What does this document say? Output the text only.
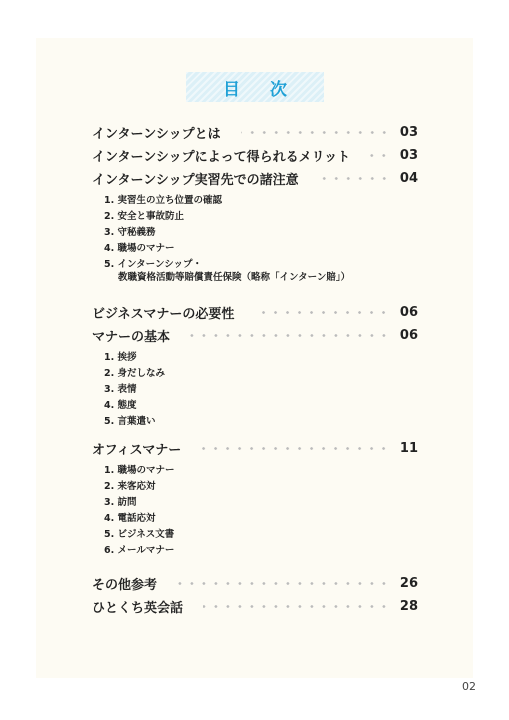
目 次
インターンシップとは	03
インターンシップによって得られるメリット	03
インターンシップ実習先での諸注意	04
1. 実習生の立ち位置の確認
2. 安全と事故防止
3. 守秘義務
4. 職場のマナー
5. インターンシップ・
教職資格活動等賠償責任保険（略称「インターン賠」）
ビジネスマナーの必要性	06
マナーの基本	06
1. 挨拶
2. 身だしなみ
3. 表情
4. 態度
5. 言葉遣い
オフィスマナー	11
1. 職場のマナー
2. 来客応対
3. 訪問
4. 電話応対
5. ビジネス文書
6. メールマナー
その他参考	26
ひとくち英会話	28
02
